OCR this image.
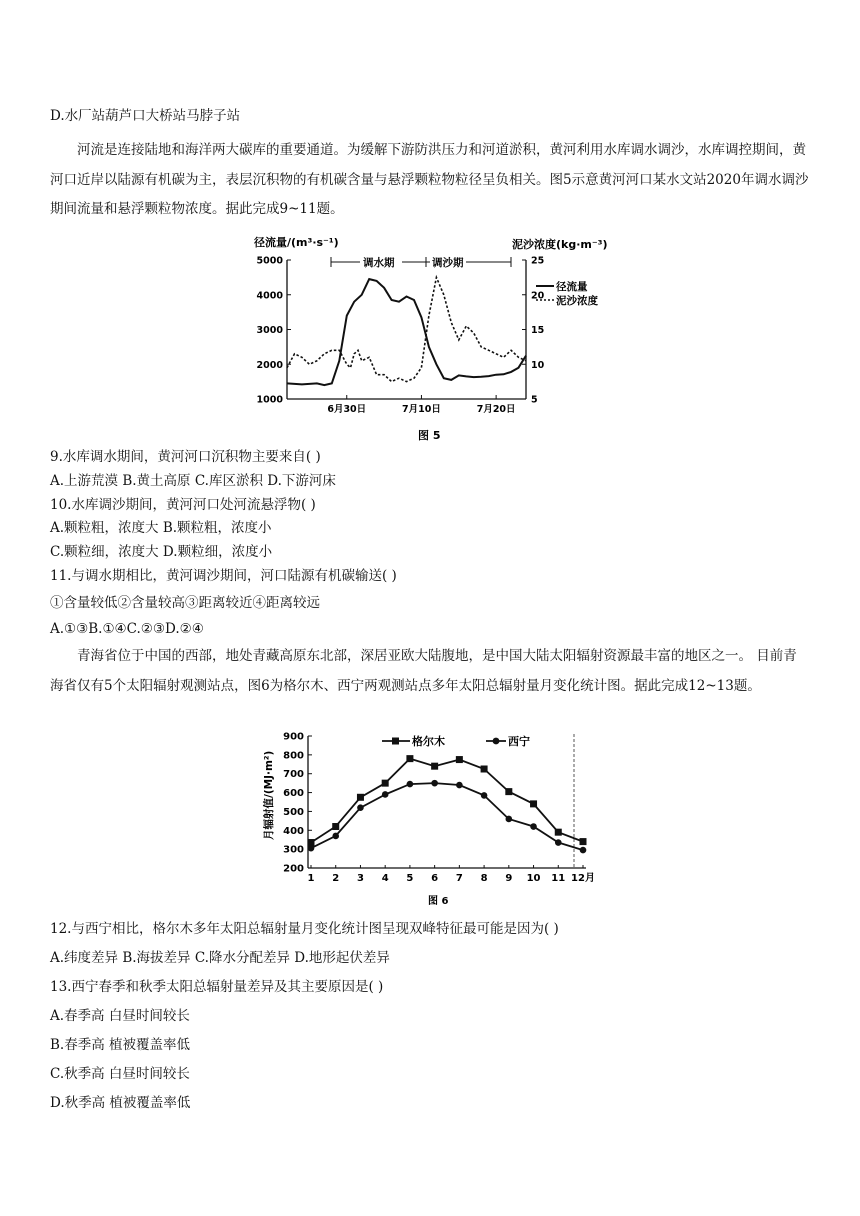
D.水厂站葫芦口大桥站马脖子站
河流是连接陆地和海洋两大碳库的重要通道。为缓解下游防洪压力和河道淤积，黄河利用水库调水调沙，水库调控期间，黄河口近岸以陆源有机碳为主，表层沉积物的有机碳含量与悬浮颗粒物粒径呈负相关。图5示意黄河河口某水文站2020年调水调沙期间流量和悬浮颗粒物浓度。据此完成9~11题。
径流量/(m³·s⁻¹)	泥沙浓度(kg·m⁻³)
调水期	调沙期
径流量
泥沙浓度
图 5
1000
2000
3000
4000
5000
5
10
15
20
25
6月30日	7月10日	7月20日
9.水库调水期间，黄河河口沉积物主要来自( )
A.上游荒漠 B.黄土高原 C.库区淤积 D.下游河床
10.水库调沙期间，黄河河口处河流悬浮物( )
A.颗粒粗，浓度大 B.颗粒粗，浓度小
C.颗粒细，浓度大 D.颗粒细，浓度小
11.与调水期相比，黄河调沙期间，河口陆源有机碳输送( )
①含量较低②含量较高③距离较近④距离较远
A.①③B.①④C.②③D.②④
青海省位于中国的西部，地处青藏高原东北部，深居亚欧大陆腹地，是中国大陆太阳辐射资源最丰富的地区之一。 目前青海省仅有5个太阳辐射观测站点，图6为格尔木、西宁两观测站点多年太阳总辐射量月变化统计图。据此完成12~13题。
月辐射值/(MJ·m²)
格尔木	西宁
图 6
200
300
400
500
600
700
800
900
1 2 3 4 5 6 7 8 9 10 11 12月
12.与西宁相比，格尔木多年太阳总辐射量月变化统计图呈现双峰特征最可能是因为( )
A.纬度差异 B.海拔差异 C.降水分配差异 D.地形起伏差异
13.西宁春季和秋季太阳总辐射量差异及其主要原因是( )
A.春季高 白昼时间较长
B.春季高 植被覆盖率低
C.秋季高 白昼时间较长
D.秋季高 植被覆盖率低
